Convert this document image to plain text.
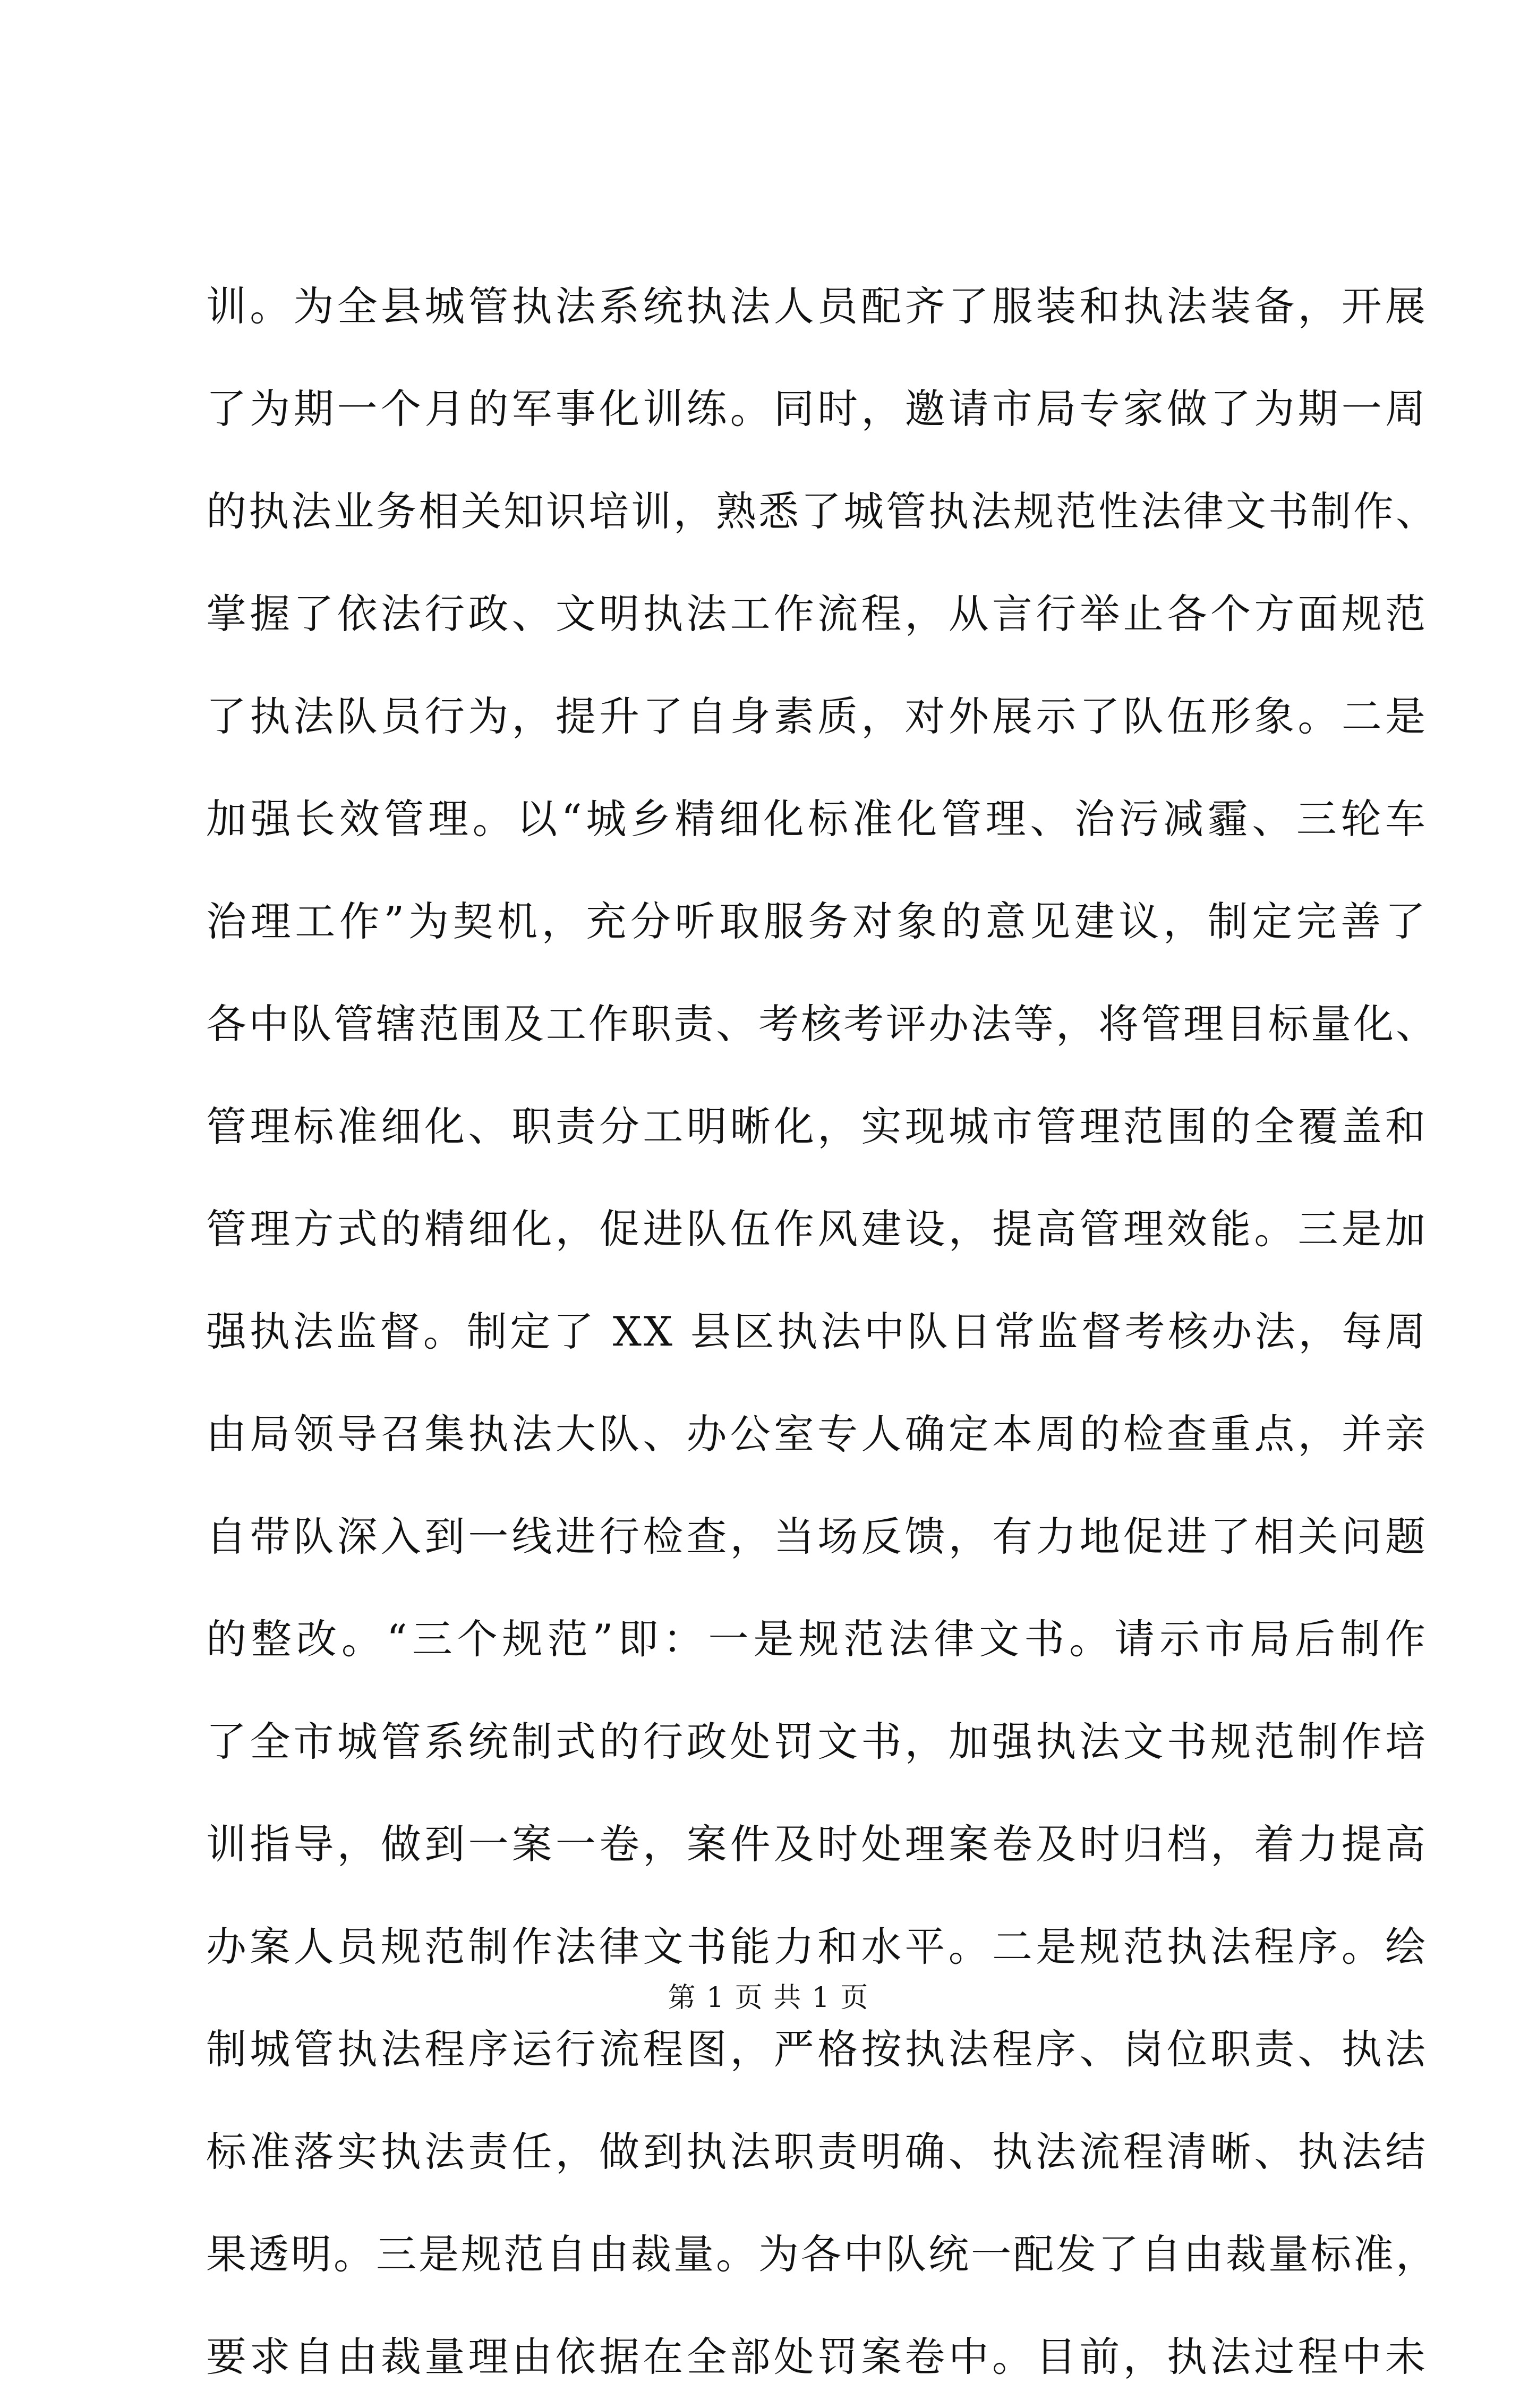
训。为全县城管执法系统执法人员配齐了服装和执法装备，开展
了为期一个月的军事化训练。同时，邀请市局专家做了为期一周
的执法业务相关知识培训，熟悉了城管执法规范性法律文书制作、
掌握了依法行政、文明执法工作流程，从言行举止各个方面规范
了执法队员行为，提升了自身素质，对外展示了队伍形象。二是
加强长效管理。以“城乡精细化标准化管理、治污减霾、三轮车
治理工作”为契机，充分听取服务对象的意见建议，制定完善了
各中队管辖范围及工作职责、考核考评办法等，将管理目标量化、
管理标准细化、职责分工明晰化，实现城市管理范围的全覆盖和
管理方式的精细化，促进队伍作风建设，提高管理效能。三是加
强执法监督。制定了 XX 县区执法中队日常监督考核办法，每周
由局领导召集执法大队、办公室专人确定本周的检查重点，并亲
自带队深入到一线进行检查，当场反馈，有力地促进了相关问题
的整改。“三个规范”即：一是规范法律文书。请示市局后制作
了全市城管系统制式的行政处罚文书，加强执法文书规范制作培
训指导，做到一案一卷，案件及时处理案卷及时归档，着力提高
办案人员规范制作法律文书能力和水平。二是规范执法程序。绘
制城管执法程序运行流程图，严格按执法程序、岗位职责、执法
标准落实执法责任，做到执法职责明确、执法流程清晰、执法结
果透明。三是规范自由裁量。为各中队统一配发了自由裁量标准，
要求自由裁量理由依据在全部处罚案卷中。目前，执法过程中未
第 1 页 共 1 页
